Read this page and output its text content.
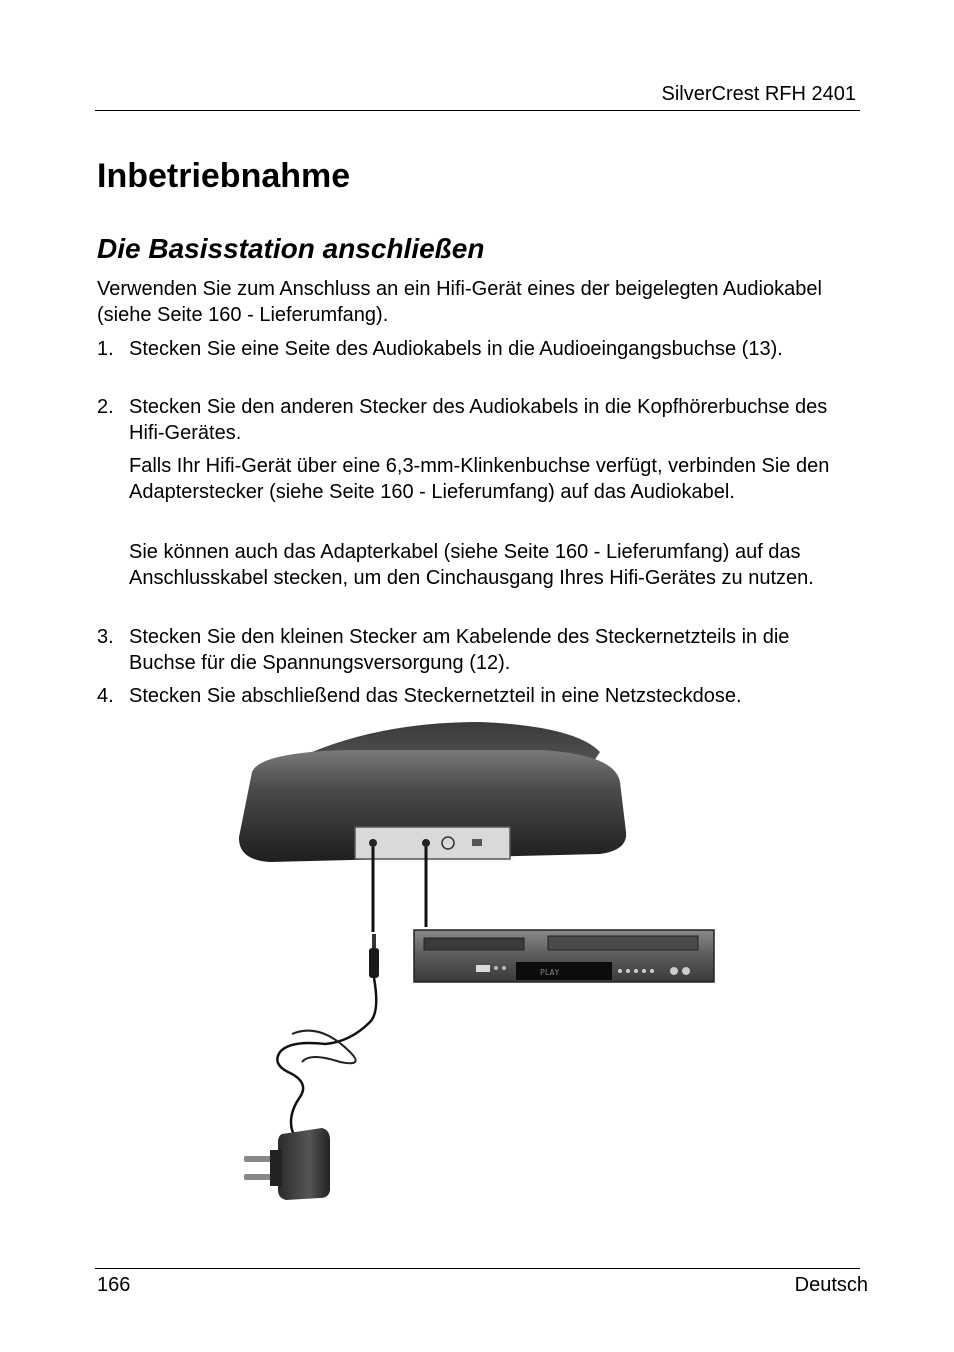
SilverCrest RFH 2401
Inbetriebnahme
Die Basisstation anschließen
Verwenden Sie zum Anschluss an ein Hifi-Gerät eines der beigelegten Audiokabel (siehe Seite 160 - Lieferumfang).
1. Stecken Sie eine Seite des Audiokabels in die Audioeingangsbuchse (13).
2. Stecken Sie den anderen Stecker des Audiokabels in die Kopfhörerbuchse des Hifi-Gerätes.
Falls Ihr Hifi-Gerät über eine 6,3-mm-Klinkenbuchse verfügt, verbinden Sie den Adapterstecker (siehe Seite 160 - Lieferumfang) auf das Audiokabel.
Sie können auch das Adapterkabel (siehe Seite 160 - Lieferumfang) auf das Anschlusskabel stecken, um den Cinchausgang Ihres Hifi-Gerätes zu nutzen.
3. Stecken Sie den kleinen Stecker am Kabelende des Steckernetzteils in die Buchse für die Spannungsversorgung (12).
4. Stecken Sie abschließend das Steckernetzteil in eine Netzsteckdose.
PLAY
166	Deutsch
